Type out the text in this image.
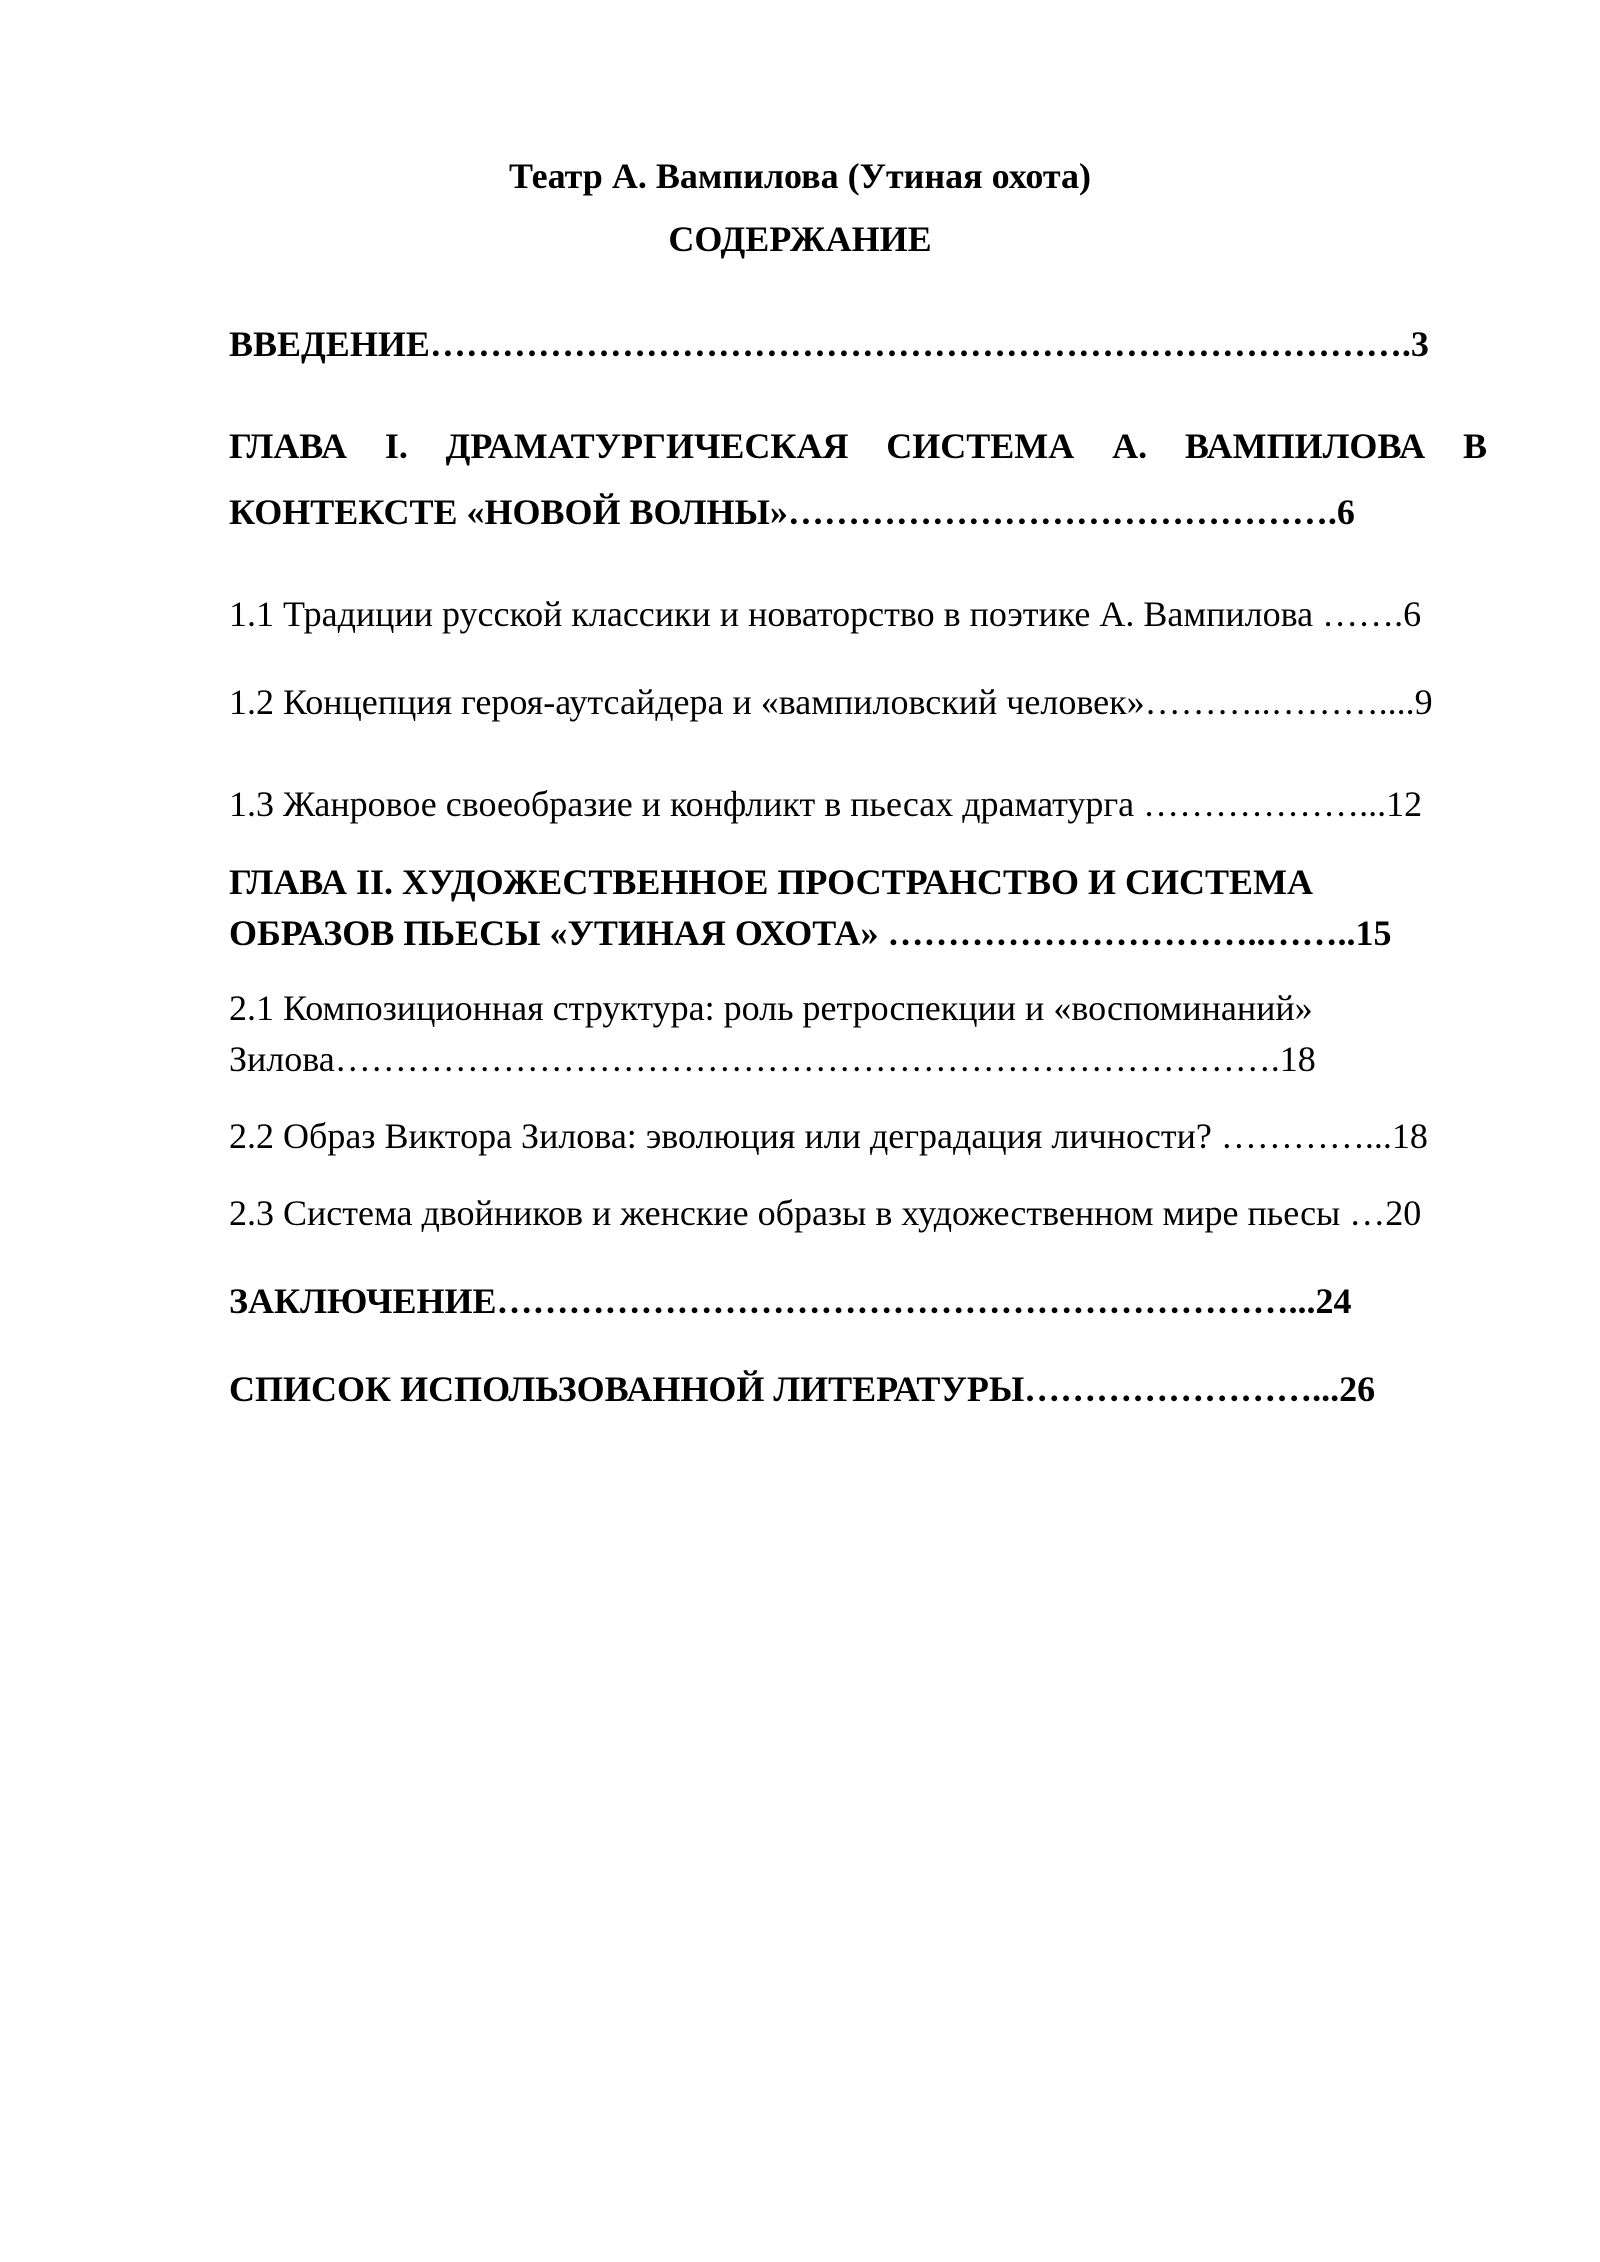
Театр А. Вампилова (Утиная охота)
СОДЕРЖАНИЕ
ВВЕДЕНИЕ……………………………………………………………………….3
ГЛАВА I. ДРАМАТУРГИЧЕСКАЯ СИСТЕМА А. ВАМПИЛОВА В
КОНТЕКСТЕ «НОВОЙ ВОЛНЫ»……………………………………….6
1.1 Традиции русской классики и новаторство в поэтике А. Вампилова …….6
1.2 Концепция героя-аутсайдера и «вампиловский человек»………..………....9
1.3 Жанровое своеобразие и конфликт в пьесах драматурга ………………...12
ГЛАВА II. ХУДОЖЕСТВЕННОЕ ПРОСТРАНСТВО И СИСТЕМА
ОБРАЗОВ ПЬЕСЫ «УТИНАЯ ОХОТА» …………………………..……..15
2.1 Композиционная структура: роль ретроспекции и «воспоминаний»
Зилова…………………………………………………………………….18
2.2 Образ Виктора Зилова: эволюция или деградация личности? …………...18
2.3 Система двойников и женские образы в художественном мире пьесы …20
ЗАКЛЮЧЕНИЕ…………………………………………………………...24
СПИСОК ИСПОЛЬЗОВАННОЙ ЛИТЕРАТУРЫ……………………...26
